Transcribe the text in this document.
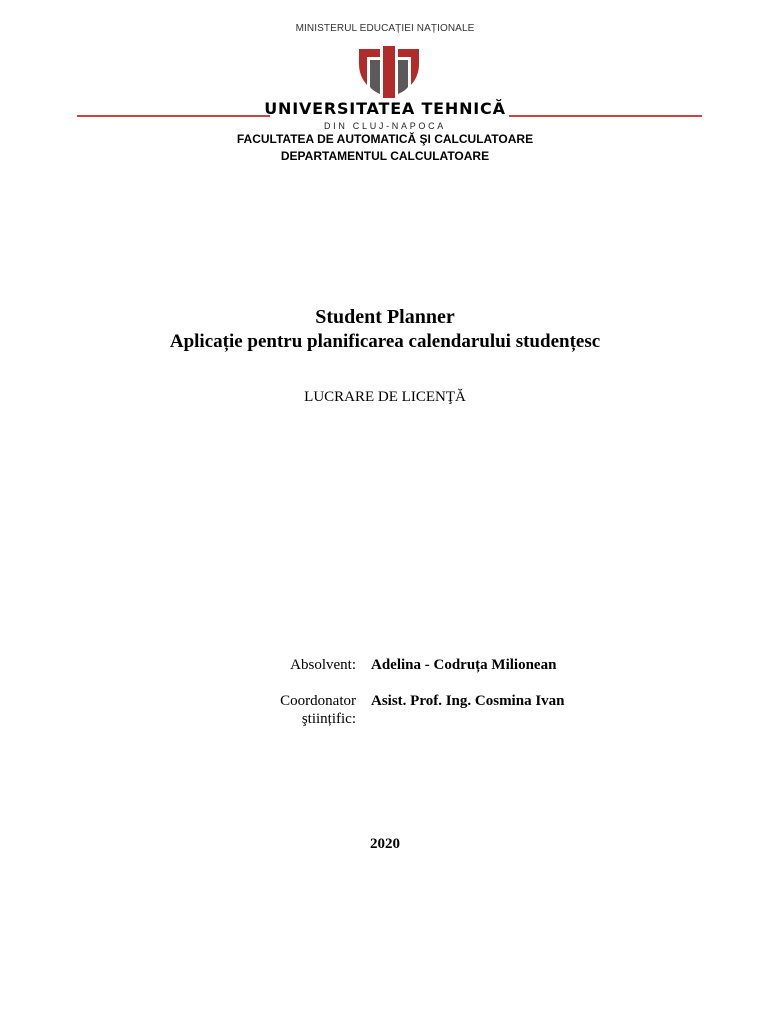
MINISTERUL EDUCAȚIEI NAȚIONALE
UNIVERSITATEA TEHNICĂ
DIN CLUJ-NAPOCA
FACULTATEA DE AUTOMATICĂ ŞI CALCULATOARE
DEPARTAMENTUL CALCULATOARE
Student Planner
Aplicație pentru planificarea calendarului studențesc
LUCRARE DE LICENŢĂ
Absolvent: Adelina - Codruța Milionean
Coordonator
ştiințific:
Asist. Prof. Ing. Cosmina Ivan
2020
